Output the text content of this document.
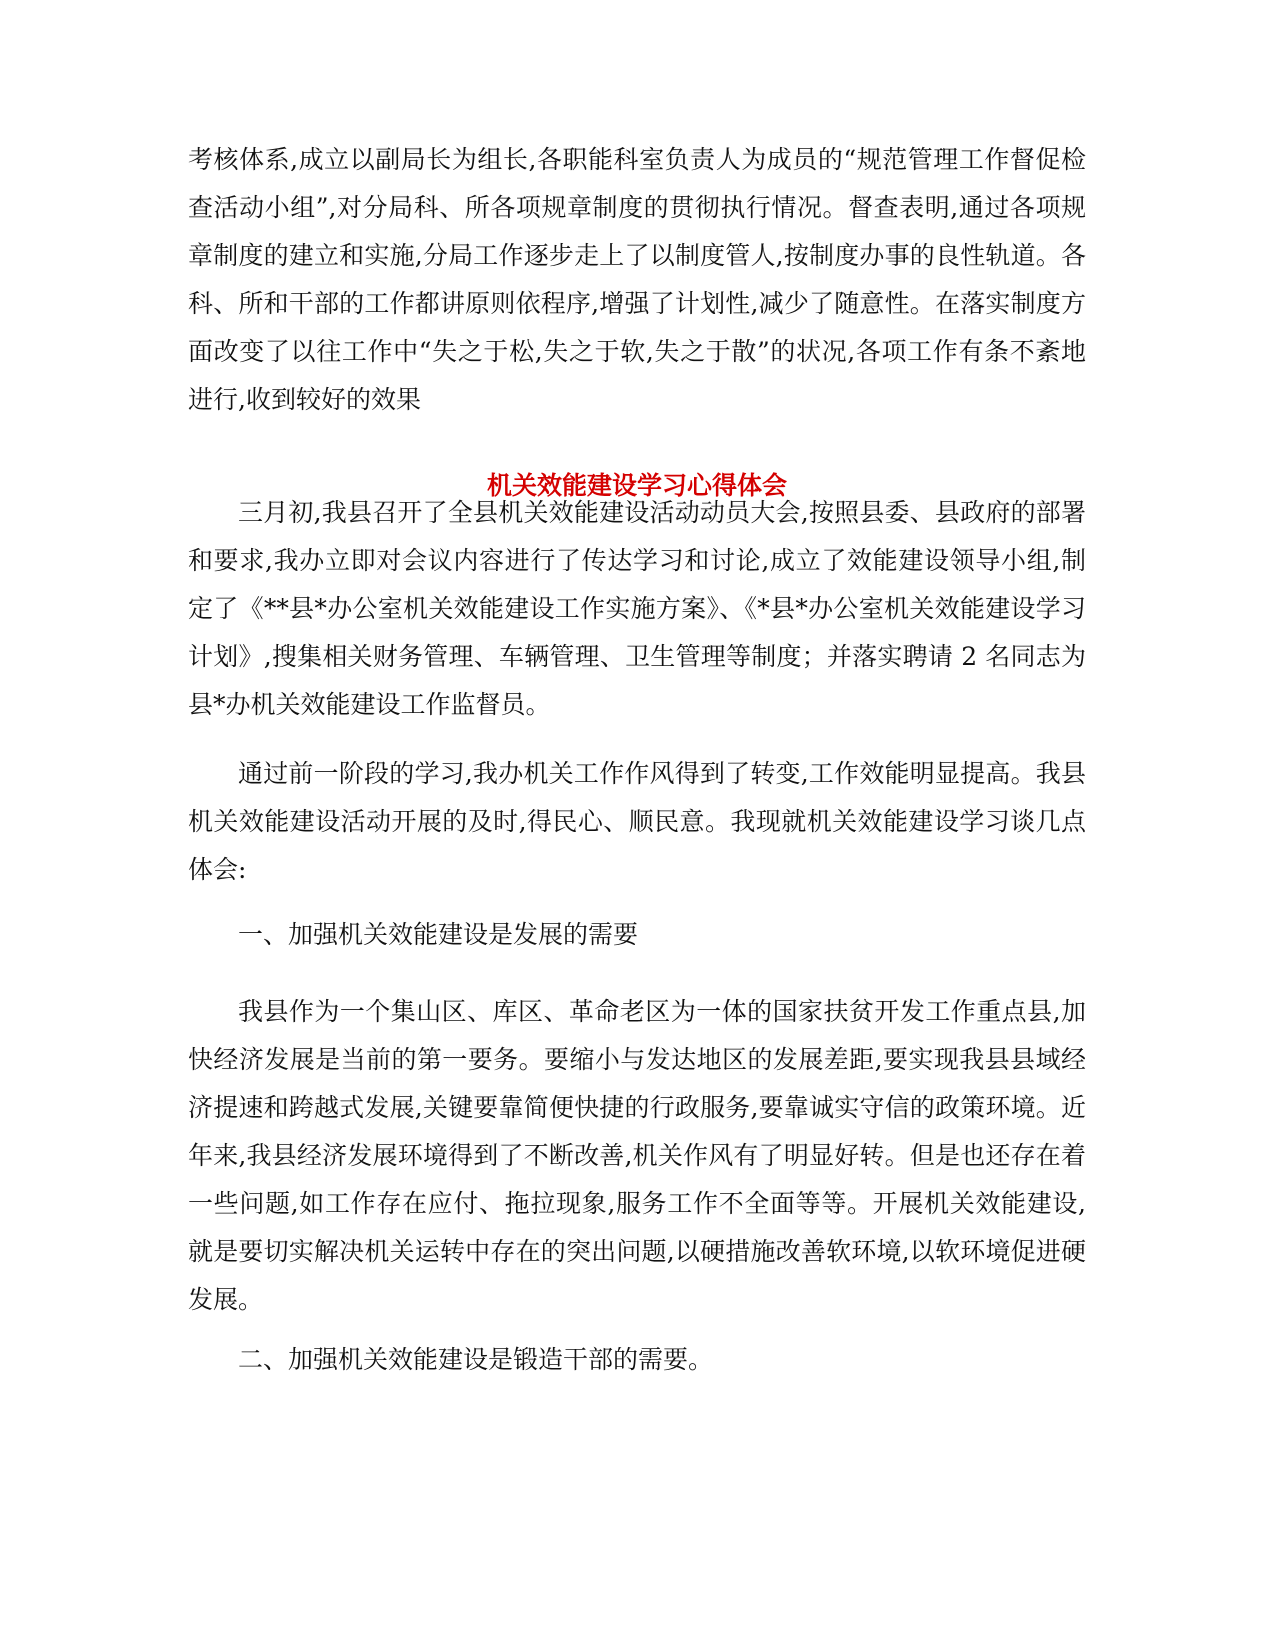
考核体系,成立以副局长为组长,各职能科室负责人为成员的“规范管理工作督促检查活动小组”,对分局科、所各项规章制度的贯彻执行情况。督查表明,通过各项规章制度的建立和实施,分局工作逐步走上了以制度管人,按制度办事的良性轨道。各科、所和干部的工作都讲原则依程序,增强了计划性,减少了随意性。在落实制度方面改变了以往工作中“失之于松,失之于软,失之于散”的状况,各项工作有条不紊地进行,收到较好的效果

机关效能建设学习心得体会

三月初,我县召开了全县机关效能建设活动动员大会,按照县委、县政府的部署和要求,我办立即对会议内容进行了传达学习和讨论,成立了效能建设领导小组,制定了《**县*办公室机关效能建设工作实施方案》、《*县*办公室机关效能建设学习计划》,搜集相关财务管理、车辆管理、卫生管理等制度；并落实聘请 2 名同志为县*办机关效能建设工作监督员。

通过前一阶段的学习,我办机关工作作风得到了转变,工作效能明显提高。我县机关效能建设活动开展的及时,得民心、顺民意。我现就机关效能建设学习谈几点体会:

一、加强机关效能建设是发展的需要

我县作为一个集山区、库区、革命老区为一体的国家扶贫开发工作重点县,加快经济发展是当前的第一要务。要缩小与发达地区的发展差距,要实现我县县域经济提速和跨越式发展,关键要靠简便快捷的行政服务,要靠诚实守信的政策环境。近年来,我县经济发展环境得到了不断改善,机关作风有了明显好转。但是也还存在着一些问题,如工作存在应付、拖拉现象,服务工作不全面等等。开展机关效能建设,就是要切实解决机关运转中存在的突出问题,以硬措施改善软环境,以软环境促进硬发展。

二、加强机关效能建设是锻造干部的需要。
